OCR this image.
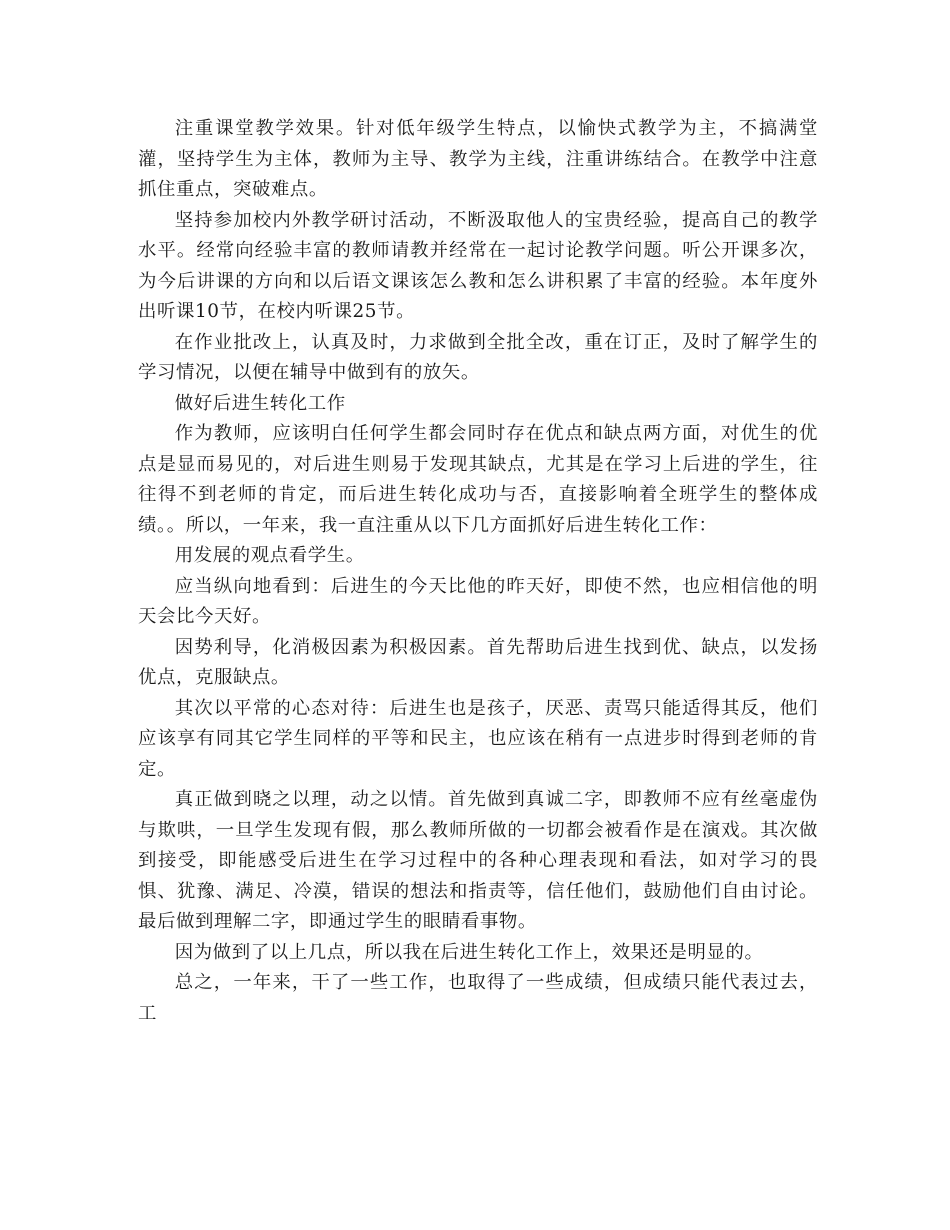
注重课堂教学效果。针对低年级学生特点，以愉快式教学为主，不搞满堂灌，坚持学生为主体，教师为主导、教学为主线，注重讲练结合。在教学中注意抓住重点，突破难点。

坚持参加校内外教学研讨活动，不断汲取他人的宝贵经验，提高自己的教学水平。经常向经验丰富的教师请教并经常在一起讨论教学问题。听公开课多次，为今后讲课的方向和以后语文课该怎么教和怎么讲积累了丰富的经验。本年度外出听课10节，在校内听课25节。

在作业批改上，认真及时，力求做到全批全改，重在订正，及时了解学生的学习情况，以便在辅导中做到有的放矢。

做好后进生转化工作

作为教师，应该明白任何学生都会同时存在优点和缺点两方面，对优生的优点是显而易见的，对后进生则易于发现其缺点，尤其是在学习上后进的学生，往往得不到老师的肯定，而后进生转化成功与否，直接影响着全班学生的整体成绩。。所以，一年来，我一直注重从以下几方面抓好后进生转化工作：

用发展的观点看学生。

应当纵向地看到：后进生的今天比他的昨天好，即使不然，也应相信他的明天会比今天好。

因势利导，化消极因素为积极因素。首先帮助后进生找到优、缺点，以发扬优点，克服缺点。

其次以平常的心态对待：后进生也是孩子，厌恶、责骂只能适得其反，他们应该享有同其它学生同样的平等和民主，也应该在稍有一点进步时得到老师的肯定。

真正做到晓之以理，动之以情。首先做到真诚二字，即教师不应有丝毫虚伪与欺哄，一旦学生发现有假，那么教师所做的一切都会被看作是在演戏。其次做到接受，即能感受后进生在学习过程中的各种心理表现和看法，如对学习的畏惧、犹豫、满足、冷漠，错误的想法和指责等，信任他们，鼓励他们自由讨论。最后做到理解二字，即通过学生的眼睛看事物。

因为做到了以上几点，所以我在后进生转化工作上，效果还是明显的。

总之，一年来，干了一些工作，也取得了一些成绩，但成绩只能代表过去，工
